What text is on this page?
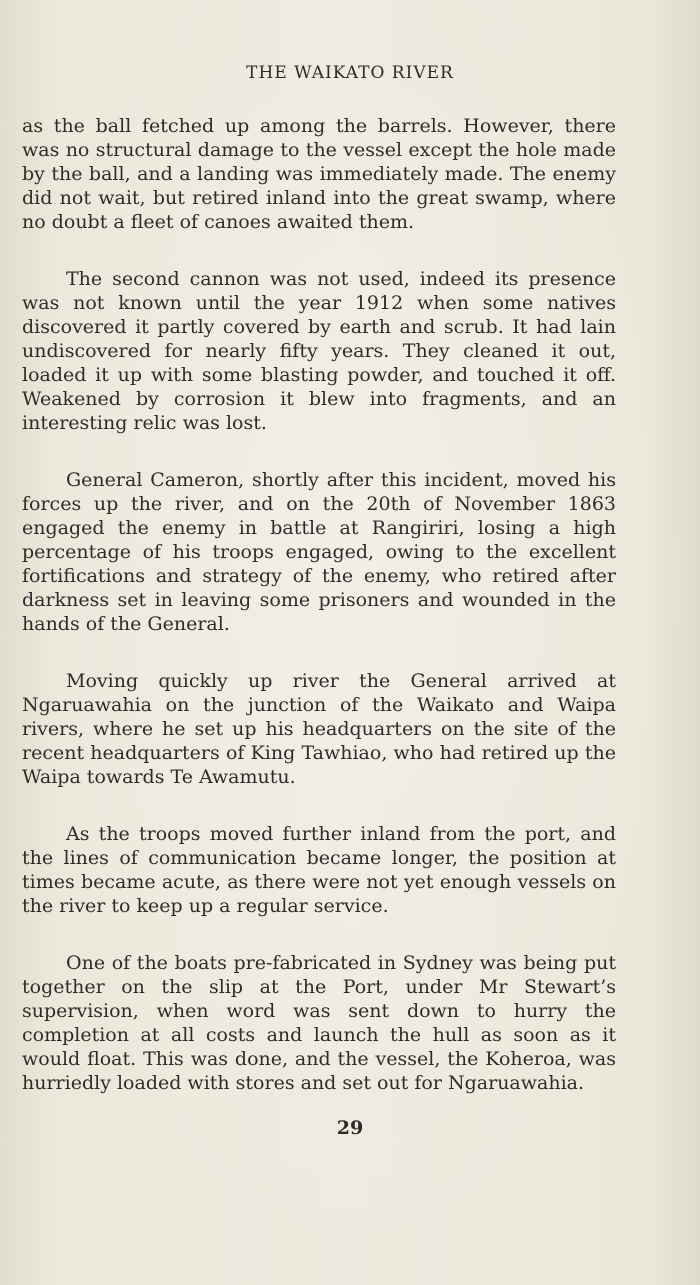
THE WAIKATO RIVER

as the ball fetched up among the barrels. However, there was no structural damage to the vessel except the hole made by the ball, and a landing was immediately made. The enemy did not wait, but retired inland into the great swamp, where no doubt a fleet of canoes awaited them.

The second cannon was not used, indeed its presence was not known until the year 1912 when some natives discovered it partly covered by earth and scrub. It had lain undiscovered for nearly fifty years. They cleaned it out, loaded it up with some blasting powder, and touched it off. Weakened by corrosion it blew into fragments, and an interesting relic was lost.

General Cameron, shortly after this incident, moved his forces up the river, and on the 20th of November 1863 engaged the enemy in battle at Rangiriri, losing a high percentage of his troops engaged, owing to the excellent fortifications and strategy of the enemy, who retired after darkness set in leaving some prisoners and wounded in the hands of the General.

Moving quickly up river the General arrived at Ngaruawahia on the junction of the Waikato and Waipa rivers, where he set up his headquarters on the site of the recent headquarters of King Tawhiao, who had retired up the Waipa towards Te Awamutu.

As the troops moved further inland from the port, and the lines of communication became longer, the position at times became acute, as there were not yet enough vessels on the river to keep up a regular service.

One of the boats pre-fabricated in Sydney was being put together on the slip at the Port, under Mr Stewart’s supervision, when word was sent down to hurry the completion at all costs and launch the hull as soon as it would float. This was done, and the vessel, the Koheroa, was hurriedly loaded with stores and set out for Ngaruawahia.

29
